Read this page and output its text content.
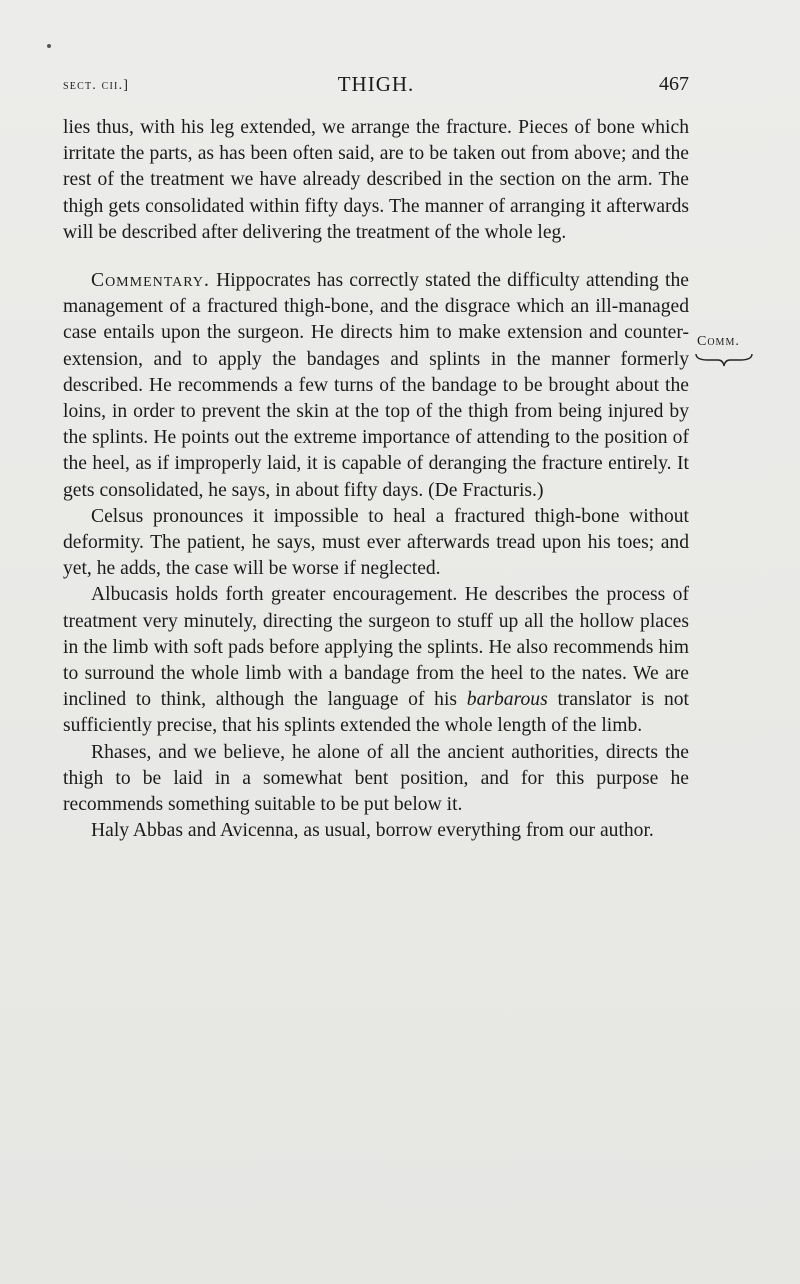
sect. cii.]	THIGH.	467
Comm.

lies thus, with his leg extended, we arrange the fracture. Pieces of bone which irritate the parts, as has been often said, are to be taken out from above; and the rest of the treatment we have already described in the section on the arm. The thigh gets consolidated within fifty days. The manner of arranging it afterwards will be described after delivering the treatment of the whole leg.

Commentary. Hippocrates has correctly stated the difficulty attending the management of a fractured thigh-bone, and the disgrace which an ill-managed case entails upon the surgeon. He directs him to make extension and counter-extension, and to apply the bandages and splints in the manner formerly described. He recommends a few turns of the bandage to be brought about the loins, in order to prevent the skin at the top of the thigh from being injured by the splints. He points out the extreme importance of attending to the position of the heel, as if improperly laid, it is capable of deranging the fracture entirely. It gets consolidated, he says, in about fifty days. (De Fracturis.)

Celsus pronounces it impossible to heal a fractured thigh-bone without deformity. The patient, he says, must ever afterwards tread upon his toes; and yet, he adds, the case will be worse if neglected.

Albucasis holds forth greater encouragement. He describes the process of treatment very minutely, directing the surgeon to stuff up all the hollow places in the limb with soft pads before applying the splints. He also recommends him to surround the whole limb with a bandage from the heel to the nates. We are inclined to think, although the language of his barbarous translator is not sufficiently precise, that his splints extended the whole length of the limb.

Rhases, and we believe, he alone of all the ancient authorities, directs the thigh to be laid in a somewhat bent position, and for this purpose he recommends something suitable to be put below it.

Haly Abbas and Avicenna, as usual, borrow everything from our author.
